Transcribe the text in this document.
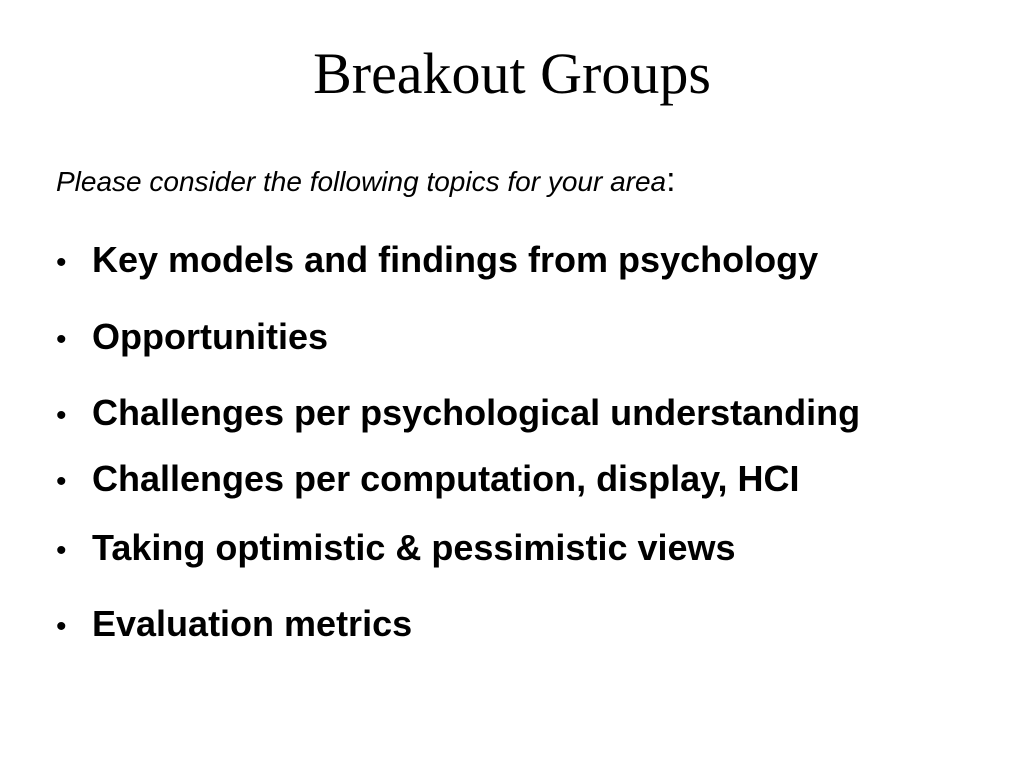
Breakout Groups
Please consider the following topics for your area:
• Key models and findings from psychology
• Opportunities
• Challenges per psychological understanding
• Challenges per computation, display, HCI
• Taking optimistic & pessimistic views
• Evaluation metrics
